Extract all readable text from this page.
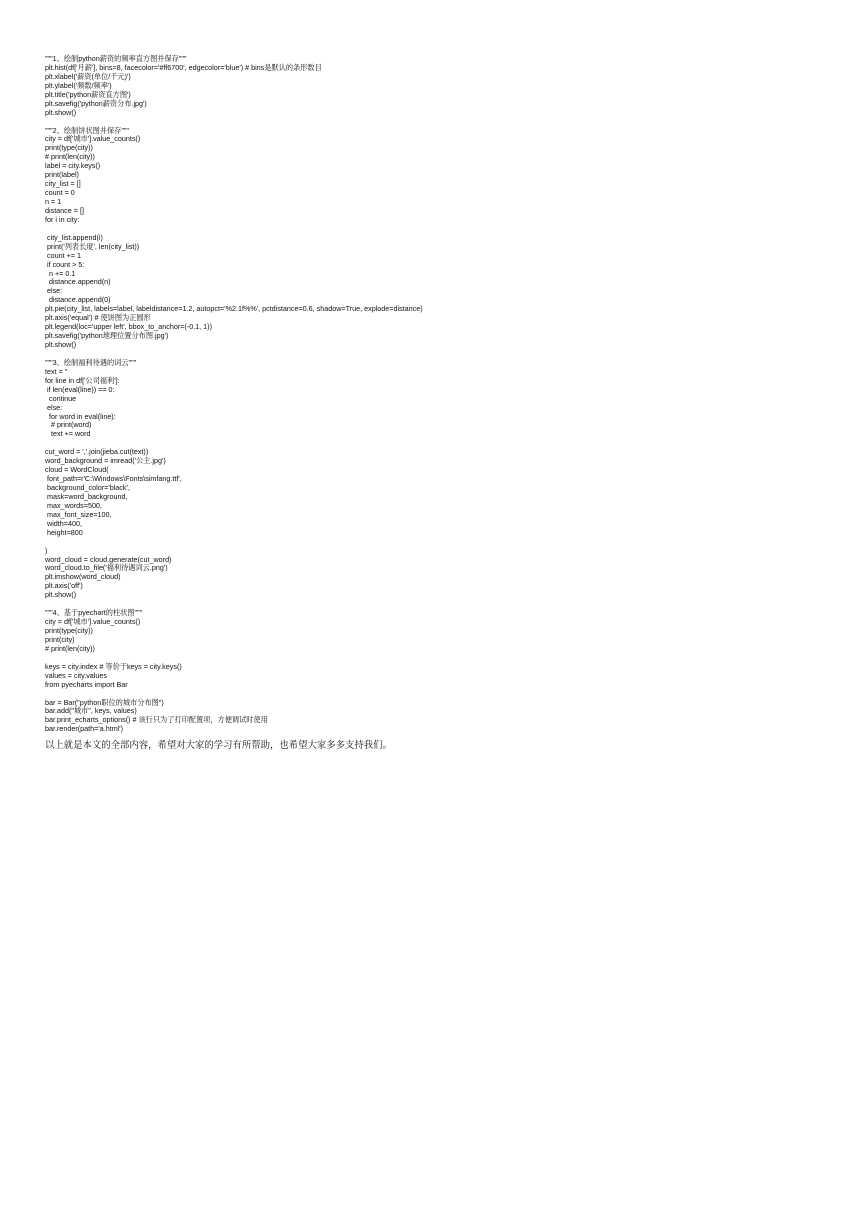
"""1、绘制python薪资的频率直方图并保存"""
plt.hist(df['月薪'], bins=8, facecolor='#ff6700', edgecolor='blue') # bins是默认的条形数目
plt.xlabel('薪资(单位/千元)')
plt.ylabel('频数/频率')
plt.title('python薪资直方图')
plt.savefig('python薪资分布.jpg')
plt.show()
"""2、绘制饼状图并保存"""
city = df['城市'].value_counts()
print(type(city))
# print(len(city))
label = city.keys()
print(label)
city_list = []
count = 0
n = 1
distance = []
for i in city:
city_list.append(i)
print('列表长度', len(city_list))
count += 1
if count > 5:
n += 0.1
distance.append(n)
else:
distance.append(0)
plt.pie(city_list, labels=label, labeldistance=1.2, autopct='%2.1f%%', pctdistance=0.6, shadow=True, explode=distance)
plt.axis('equal') # 使饼图为正圆形
plt.legend(loc='upper left', bbox_to_anchor=(-0.1, 1))
plt.savefig('python地理位置分布图.jpg')
plt.show()
"""3、绘制福利待遇的词云"""
text = ''
for line in df['公司福利']:
if len(eval(line)) == 0:
continue
else:
for word in eval(line):
# print(word)
text += word
cut_word = ','.join(jieba.cut(text))
word_background = imread('公主.jpg')
cloud = WordCloud(
font_path=r'C:\Windows\Fonts\simfang.ttf',
background_color='black',
mask=word_background,
max_words=500,
max_font_size=100,
width=400,
height=800
)
word_cloud = cloud.generate(cut_word)
word_cloud.to_file('福利待遇词云.png')
plt.imshow(word_cloud)
plt.axis('off')
plt.show()
"""4、基于pyechart的柱状图"""
city = df['城市'].value_counts()
print(type(city))
print(city)
# print(len(city))
keys = city.index # 等价于keys = city.keys()
values = city.values
from pyecharts import Bar
bar = Bar("python职位的城市分布图")
bar.add("城市", keys, values)
bar.print_echarts_options() # 该行只为了打印配置项，方便调试时使用
bar.render(path='a.html')
以上就是本文的全部内容，希望对大家的学习有所帮助，也希望大家多多支持我们。
